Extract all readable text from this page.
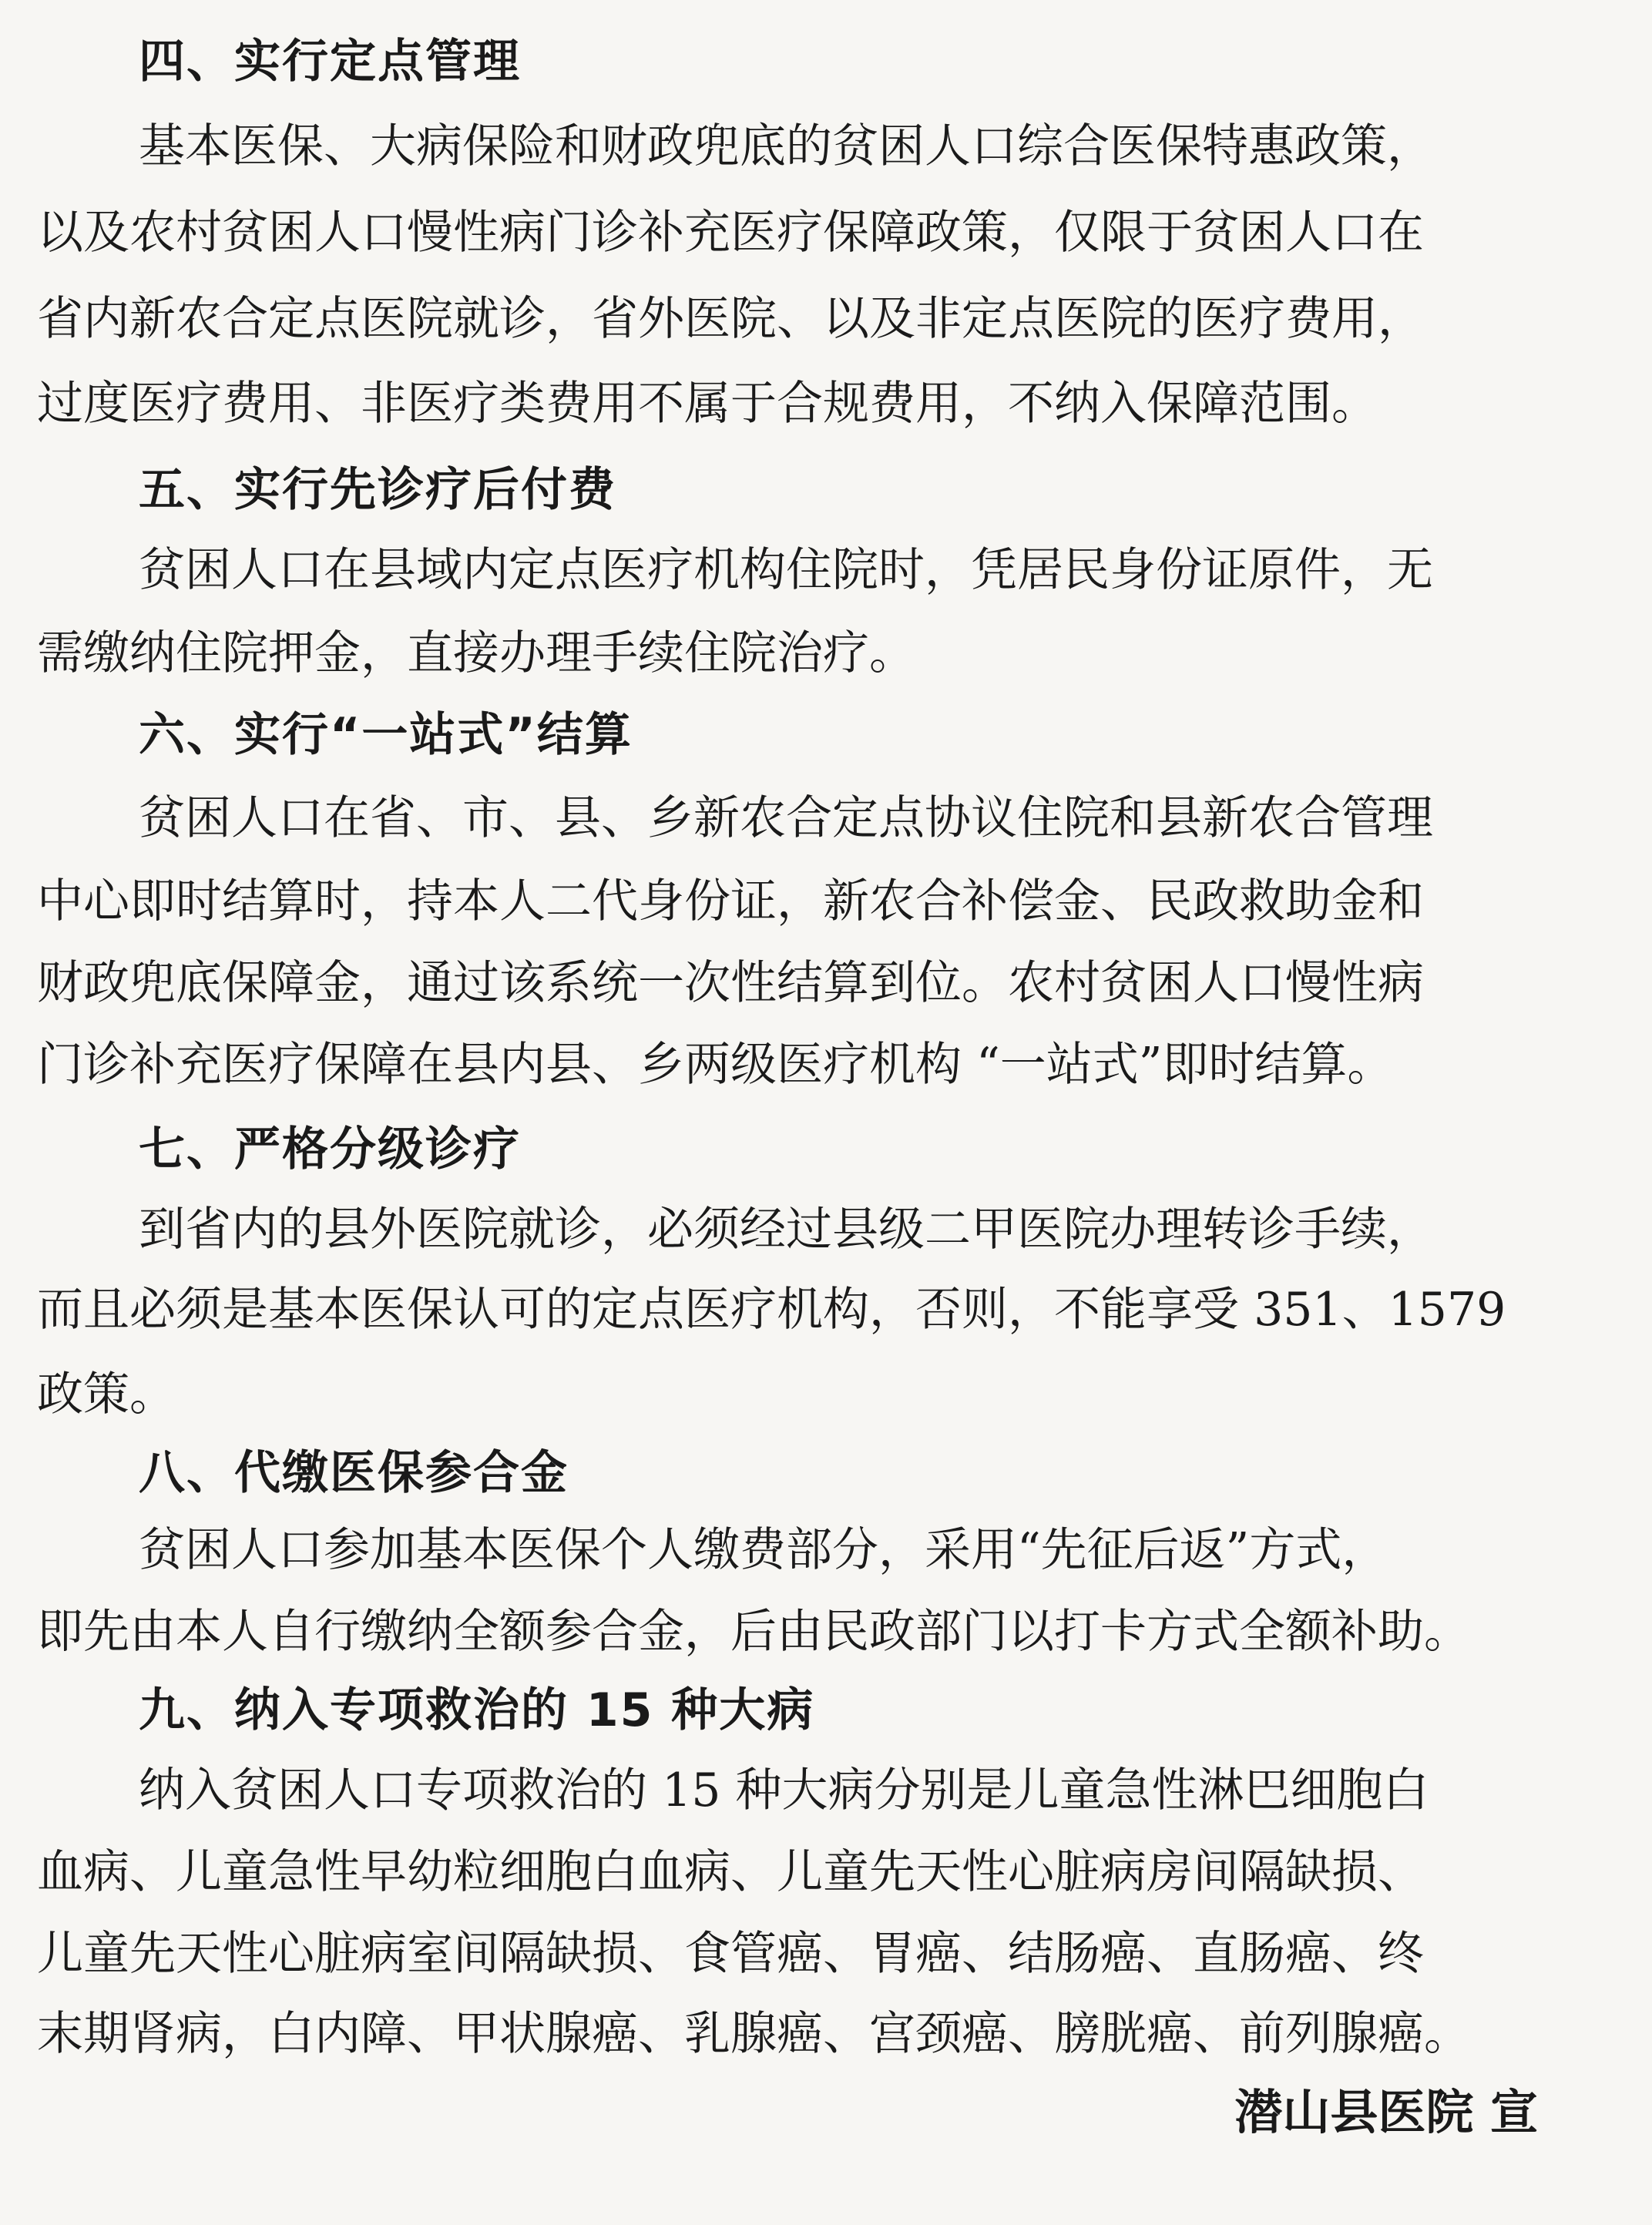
四、实行定点管理
基本医保、大病保险和财政兜底的贫困人口综合医保特惠政策，
以及农村贫困人口慢性病门诊补充医疗保障政策，仅限于贫困人口在
省内新农合定点医院就诊，省外医院、以及非定点医院的医疗费用，
过度医疗费用、非医疗类费用不属于合规费用，不纳入保障范围。
五、实行先诊疗后付费
贫困人口在县域内定点医疗机构住院时，凭居民身份证原件，无
需缴纳住院押金，直接办理手续住院治疗。
六、实行“一站式”结算
贫困人口在省、市、县、乡新农合定点协议住院和县新农合管理
中心即时结算时，持本人二代身份证，新农合补偿金、民政救助金和
财政兜底保障金，通过该系统一次性结算到位。农村贫困人口慢性病
门诊补充医疗保障在县内县、乡两级医疗机构 “一站式”即时结算。
七、严格分级诊疗
到省内的县外医院就诊，必须经过县级二甲医院办理转诊手续，
而且必须是基本医保认可的定点医疗机构，否则，不能享受 351、1579
政策。
八、代缴医保参合金
贫困人口参加基本医保个人缴费部分，采用“先征后返”方式，
即先由本人自行缴纳全额参合金，后由民政部门以打卡方式全额补助。
九、纳入专项救治的 15 种大病
纳入贫困人口专项救治的 15 种大病分别是儿童急性淋巴细胞白
血病、儿童急性早幼粒细胞白血病、儿童先天性心脏病房间隔缺损、
儿童先天性心脏病室间隔缺损、食管癌、胃癌、结肠癌、直肠癌、终
末期肾病，白内障、甲状腺癌、乳腺癌、宫颈癌、膀胱癌、前列腺癌。
潜山县医院 宣
